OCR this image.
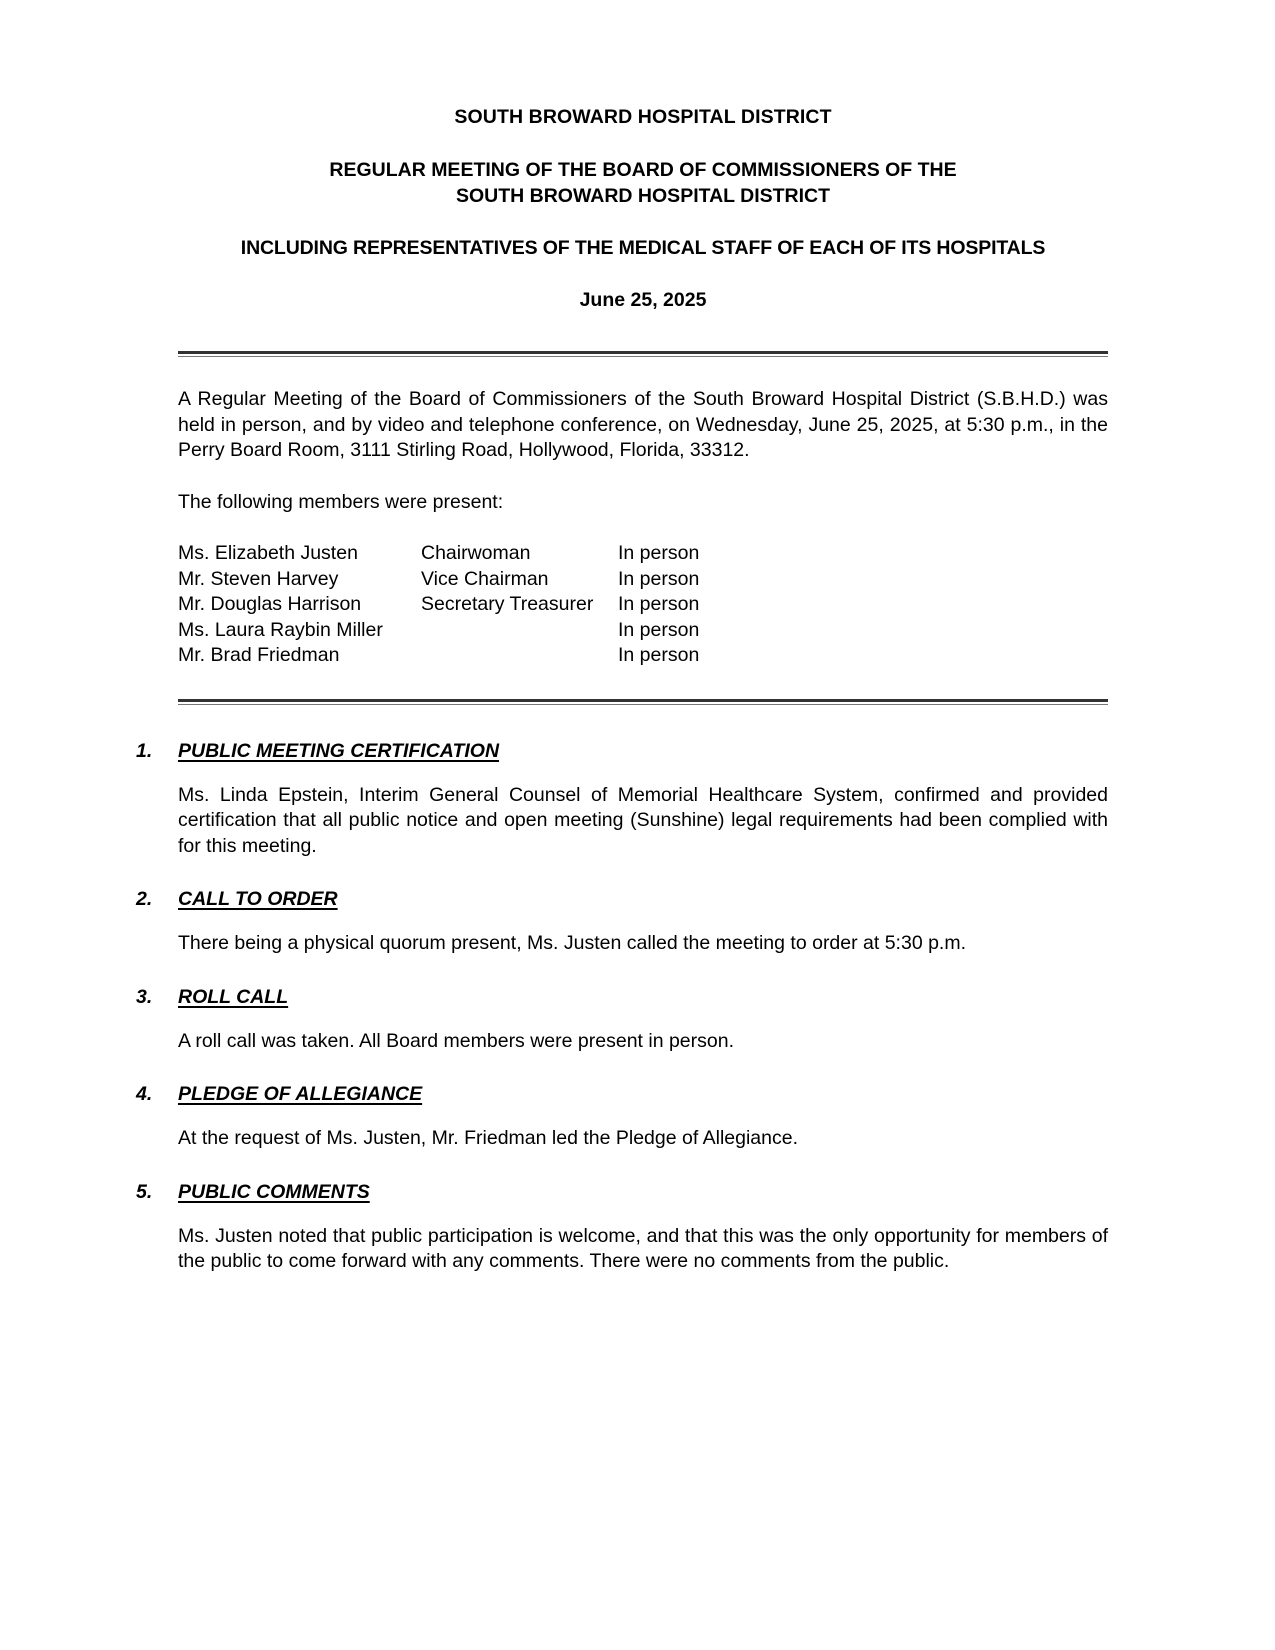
SOUTH BROWARD HOSPITAL DISTRICT
REGULAR MEETING OF THE BOARD OF COMMISSIONERS OF THE
SOUTH BROWARD HOSPITAL DISTRICT
INCLUDING REPRESENTATIVES OF THE MEDICAL STAFF OF EACH OF ITS HOSPITALS
June 25, 2025

A Regular Meeting of the Board of Commissioners of the South Broward Hospital District (S.B.H.D.) was held in person, and by video and telephone conference, on Wednesday, June 25, 2025, at 5:30 p.m., in the Perry Board Room, 3111 Stirling Road, Hollywood, Florida, 33312.

The following members were present:

Ms. Elizabeth Justen	Chairwoman	In person
Mr. Steven Harvey	Vice Chairman	In person
Mr. Douglas Harrison	Secretary Treasurer	In person
Ms. Laura Raybin Miller		In person
Mr. Brad Friedman		In person
1.	PUBLIC MEETING CERTIFICATION

Ms. Linda Epstein, Interim General Counsel of Memorial Healthcare System, confirmed and provided certification that all public notice and open meeting (Sunshine) legal requirements had been complied with for this meeting.

2.	CALL TO ORDER

There being a physical quorum present, Ms. Justen called the meeting to order at 5:30 p.m.

3.	ROLL CALL

A roll call was taken. All Board members were present in person.

4.	PLEDGE OF ALLEGIANCE

At the request of Ms. Justen, Mr. Friedman led the Pledge of Allegiance.

5.	PUBLIC COMMENTS

Ms. Justen noted that public participation is welcome, and that this was the only opportunity for members of the public to come forward with any comments. There were no comments from the public.
